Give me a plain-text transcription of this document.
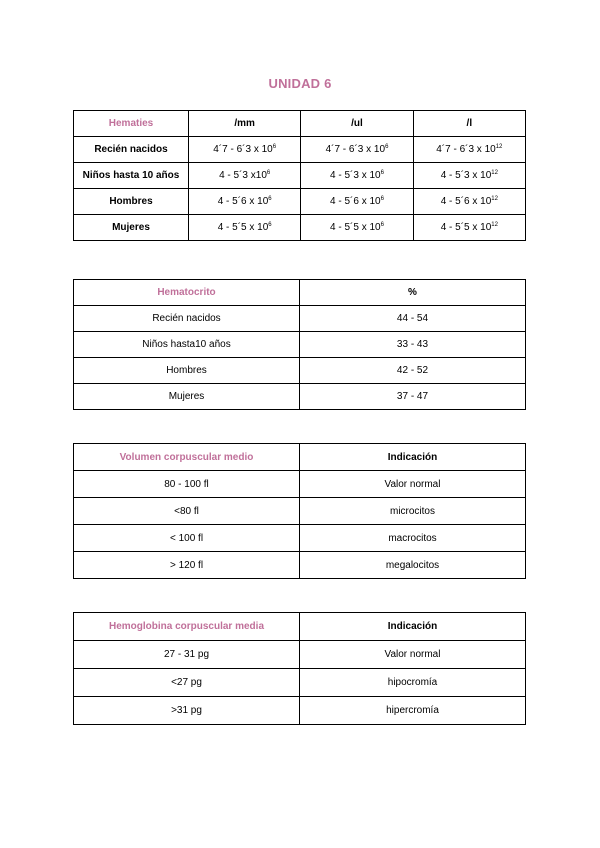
UNIDAD 6
Hematies	/mm	/ul	/l
Recién nacidos	4´7 - 6´3 x $10^6$	4´7 - 6´3 x $10^6$	4´7 - 6´3 x $10^{12}$
Niños hasta 10 años	4 - 5´3 $x10^6$	4 - 5´3 x $10^6$	4 - 5´3 x $10^{12}$
Hombres	4 - 5´6 x $10^6$	4 - 5´6 x $10^6$	4 - 5´6 x $10^{12}$
Mujeres	4 - 5´5 x $10^6$	4 - 5´5 x $10^6$	4 - 5´5 x $10^{12}$
Hematocrito	%
Recién nacidos	44 - 54
Niños hasta10 años	33 - 43
Hombres	42 - 52
Mujeres	37 - 47
Volumen corpuscular medio	Indicación
80 - 100 fl	Valor normal
<80 fl	microcitos
< 100 fl	macrocitos
> 120 fl	megalocitos
Hemoglobina corpuscular media	Indicación
27 - 31 pg	Valor normal
<27 pg	hipocromía
>31 pg	hipercromía
